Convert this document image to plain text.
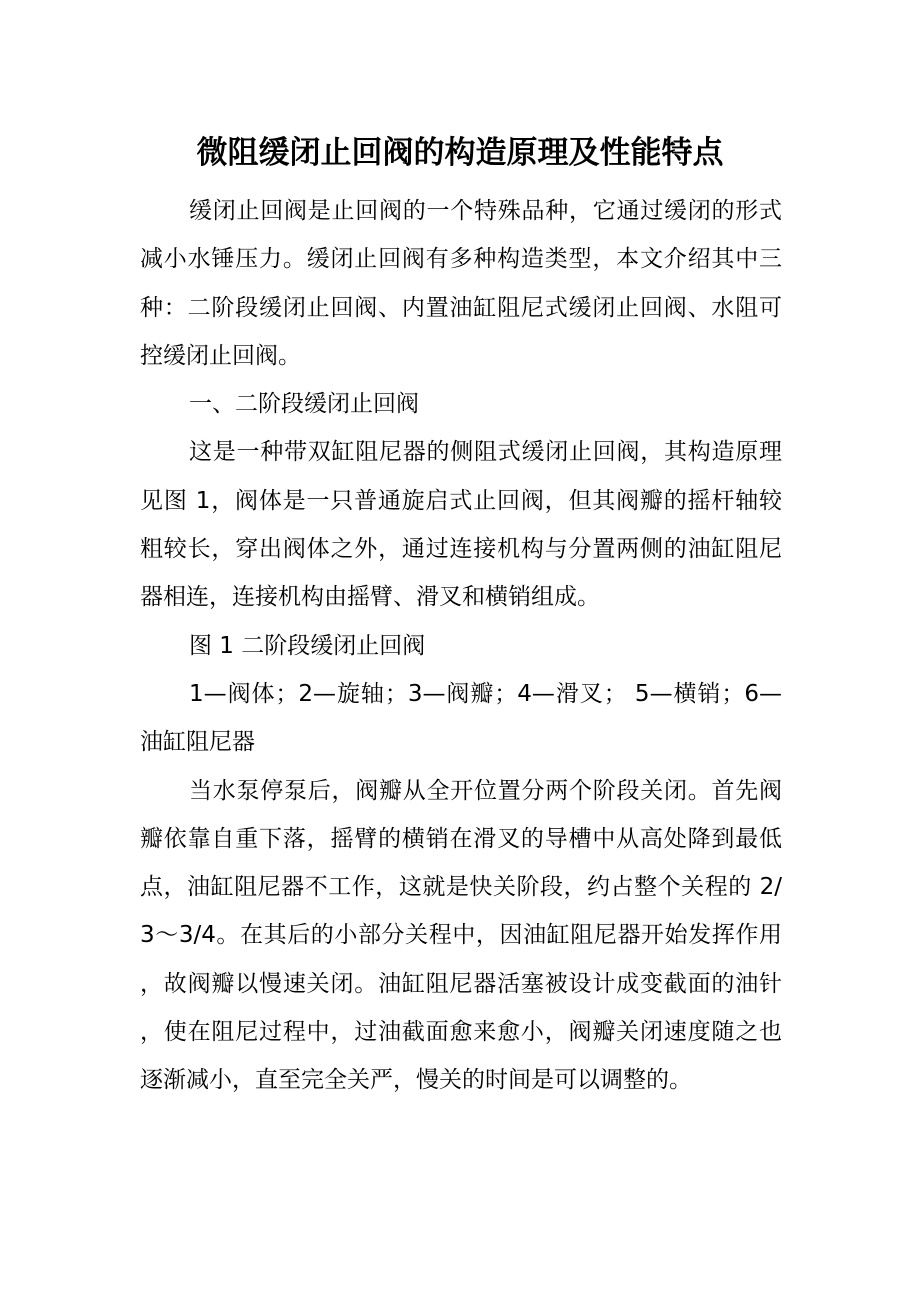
微阻缓闭止回阀的构造原理及性能特点

缓闭止回阀是止回阀的一个特殊品种，它通过缓闭的形式减小水锤压力。缓闭止回阀有多种构造类型，本文介绍其中三种：二阶段缓闭止回阀、内置油缸阻尼式缓闭止回阀、水阻可控缓闭止回阀。

一、二阶段缓闭止回阀

这是一种带双缸阻尼器的侧阻式缓闭止回阀，其构造原理见图 1，阀体是一只普通旋启式止回阀，但其阀瓣的摇杆轴较粗较长，穿出阀体之外，通过连接机构与分置两侧的油缸阻尼器相连，连接机构由摇臂、滑叉和横销组成。

图 1 二阶段缓闭止回阀

1—阀体；2—旋轴；3—阀瓣；4—滑叉； 5—横销；6—油缸阻尼器

当水泵停泵后，阀瓣从全开位置分两个阶段关闭。首先阀瓣依靠自重下落，摇臂的横销在滑叉的导槽中从高处降到最低点，油缸阻尼器不工作，这就是快关阶段，约占整个关程的 2/3～3/4。在其后的小部分关程中，因油缸阻尼器开始发挥作用，故阀瓣以慢速关闭。油缸阻尼器活塞被设计成变截面的油针，使在阻尼过程中，过油截面愈来愈小，阀瓣关闭速度随之也逐渐减小，直至完全关严，慢关的时间是可以调整的。
